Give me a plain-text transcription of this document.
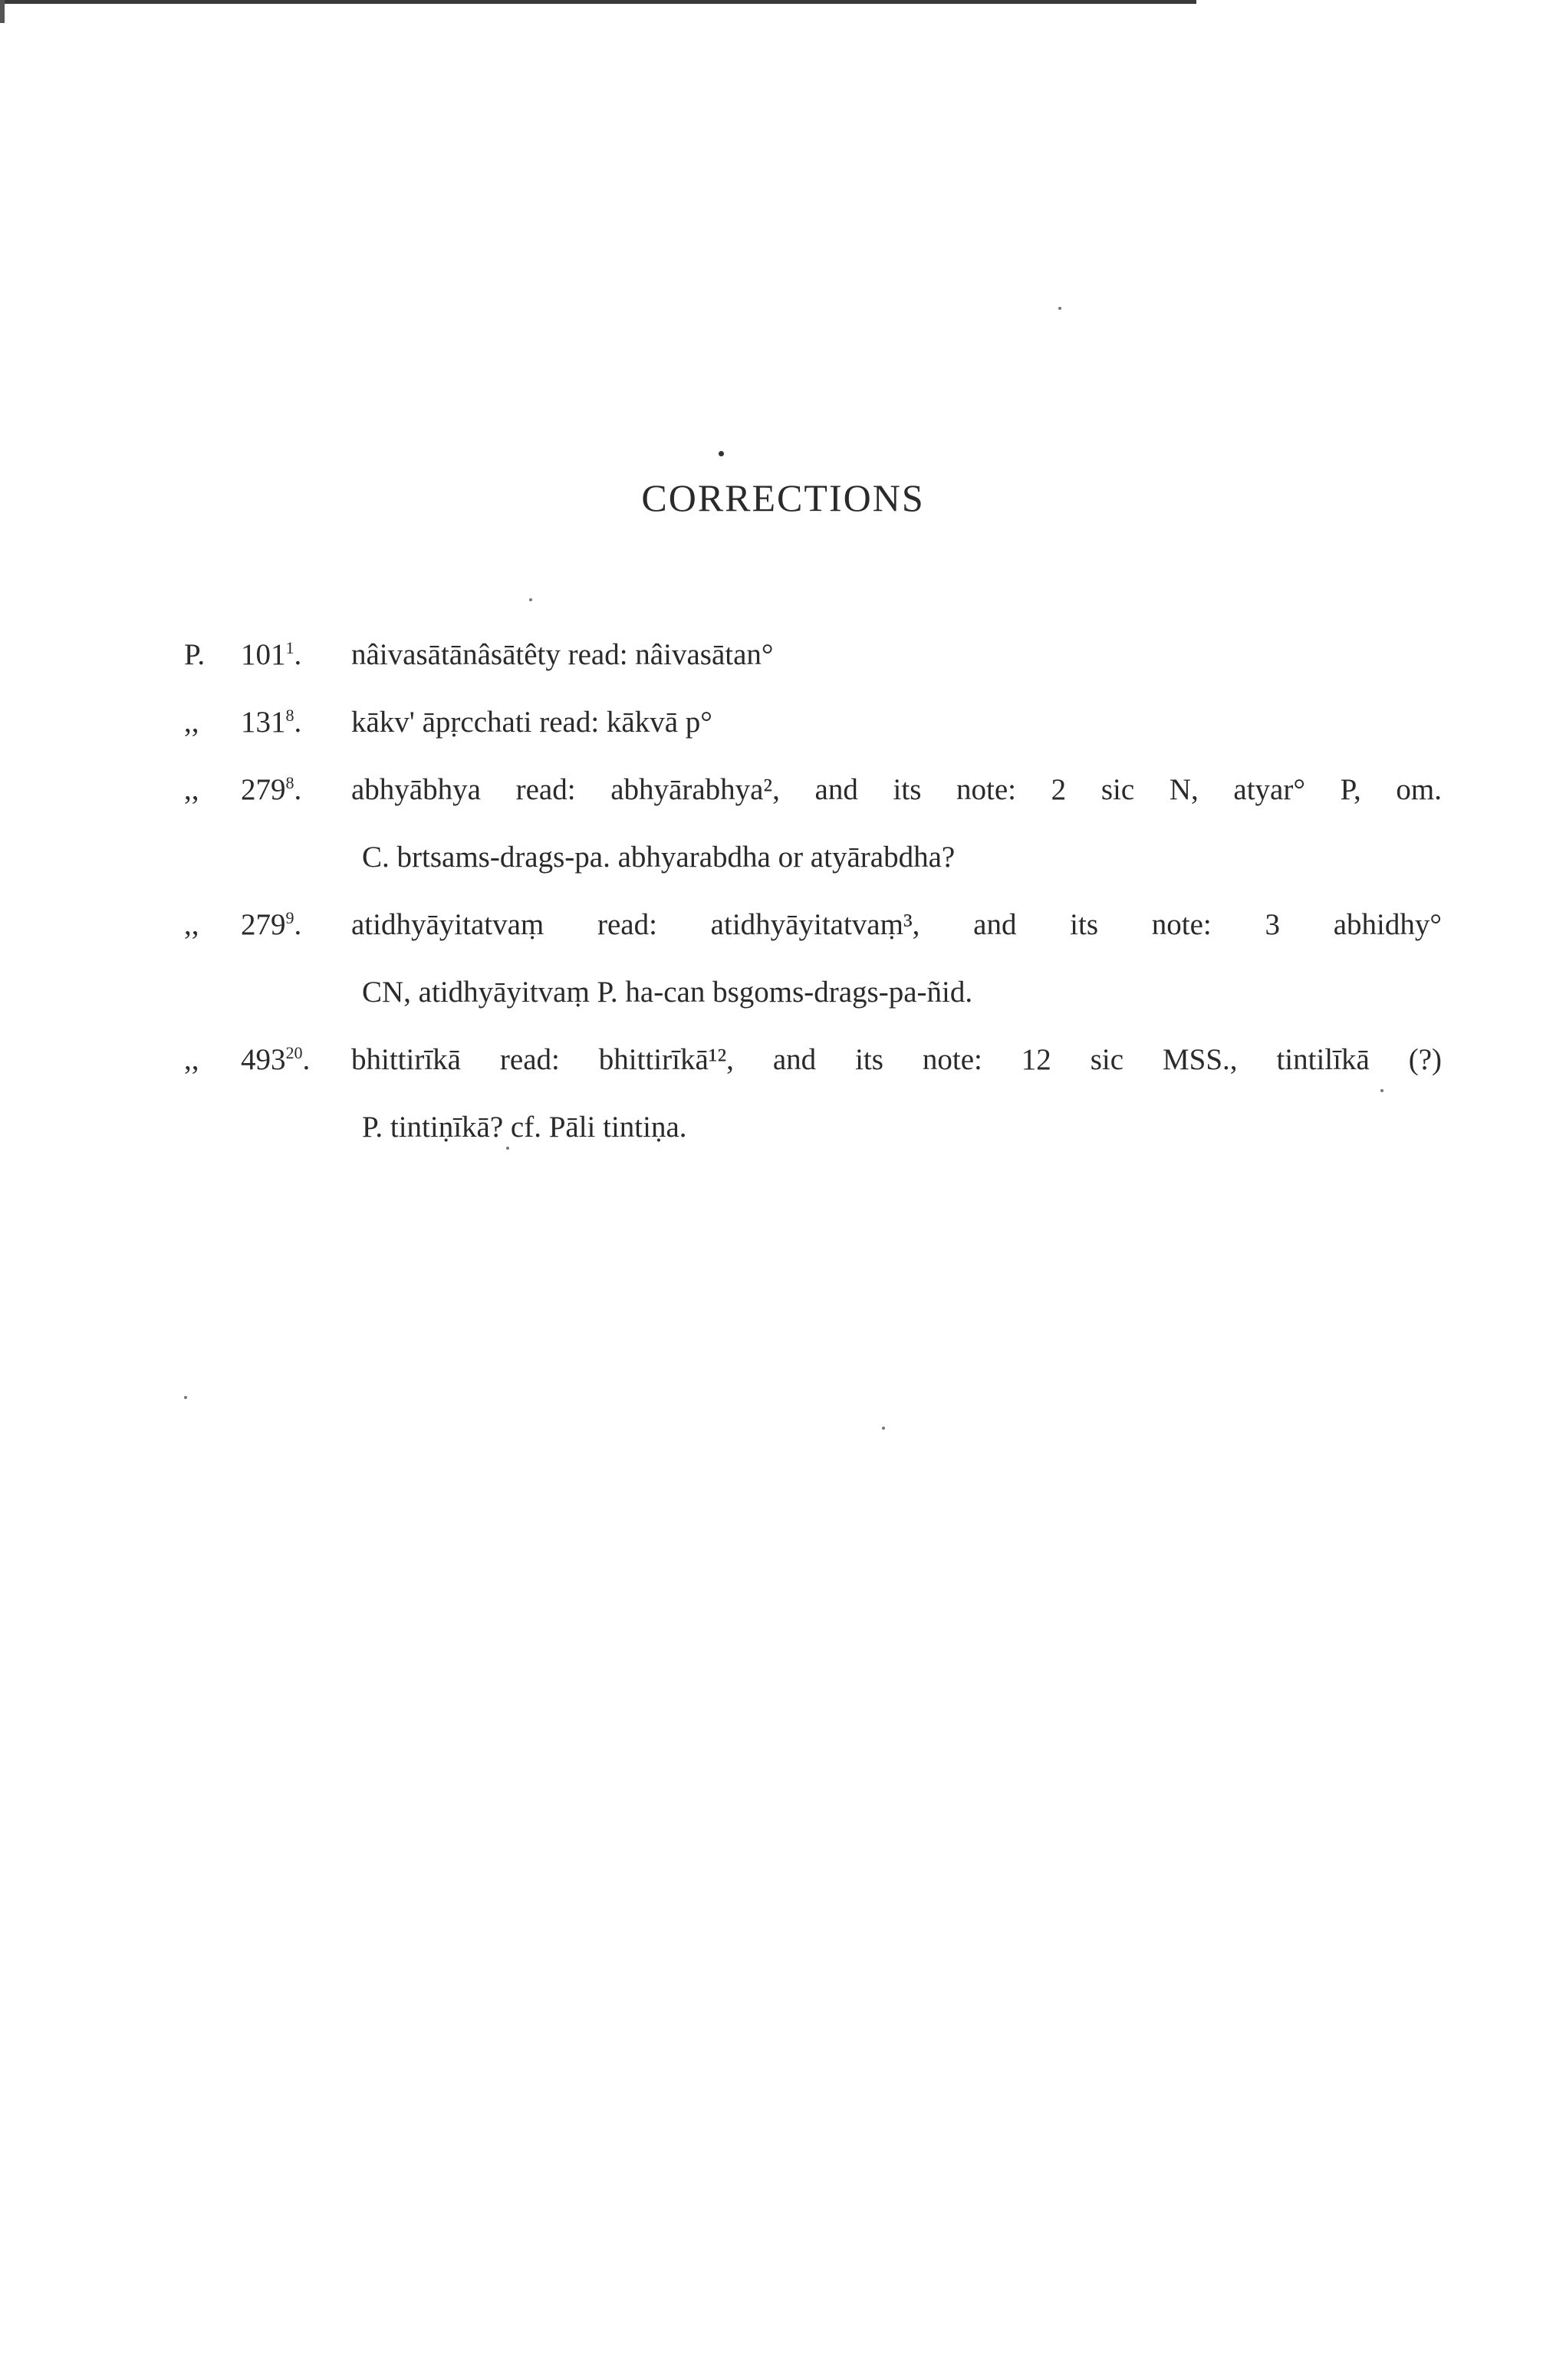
CORRECTIONS
P. $101^1$.	nâivasātānâsātêty read: nâivasātan°
,, $131^8$.	kākv' āpṛcchati read: kākvā p°
,, $279^8$.	abhyābhya read: abhyārabhya², and its note: 2 sic N, atyar° P, om.
C. brtsams-drags-pa. abhyarabdha or atyārabdha?
,, $279^9$.	atidhyāyitatvaṃ read: atidhyāyitatvaṃ³, and its note: 3 abhidhy°
CN, atidhyāyitvaṃ P. ha-can bsgoms-drags-pa-ñid.
,, $493^{20}$.	bhittirīkā read: bhittirīkā¹², and its note: 12 sic MSS., tintilīkā (?)
P. tintiṇīkā? cf. Pāli tintiṇa.
